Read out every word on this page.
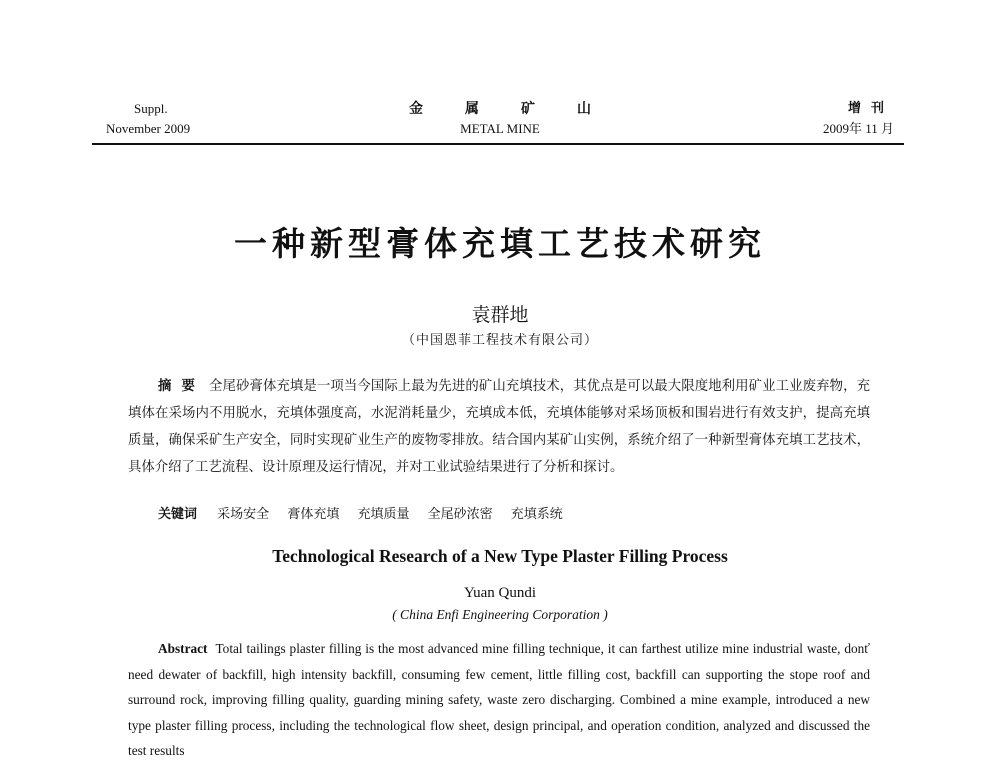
Suppl.
November 2009
金	属	矿	山
METAL MINE
增刊
2009年 11 月
一种新型膏体充填工艺技术研究
袁群地
（中国恩菲工程技术有限公司）
摘要 全尾砂膏体充填是一项当今国际上最为先进的矿山充填技术，其优点是可以最大限度地利用矿业工业废弃物，充填体在采场内不用脱水，充填体强度高，水泥消耗量少，充填成本低，充填体能够对采场顶板和围岩进行有效支护，提高充填质量，确保采矿生产安全，同时实现矿业生产的废物零排放。结合国内某矿山实例，系统介绍了一种新型膏体充填工艺技术，具体介绍了工艺流程、设计原理及运行情况，并对工业试验结果进行了分析和探讨。
关键词 采场安全 膏体充填 充填质量 全尾砂浓密 充填系统
Technological Research of a New Type Plaster Filling Process
Yuan Qundi
( China Enfi Engineering Corporation )
Abstract Total tailings plaster filling is the most advanced mine filling technique, it can farthest utilize mine industrial waste, donť need dewater of backfill, high intensity backfill, consuming few cement, little filling cost, backfill can supporting the stope roof and surround rock, improving filling quality, guarding mining safety, waste zero discharging. Combined a mine example, introduced a new type plaster filling process, including the technological flow sheet, design principal, and operation condition, analyzed and discussed the test results
